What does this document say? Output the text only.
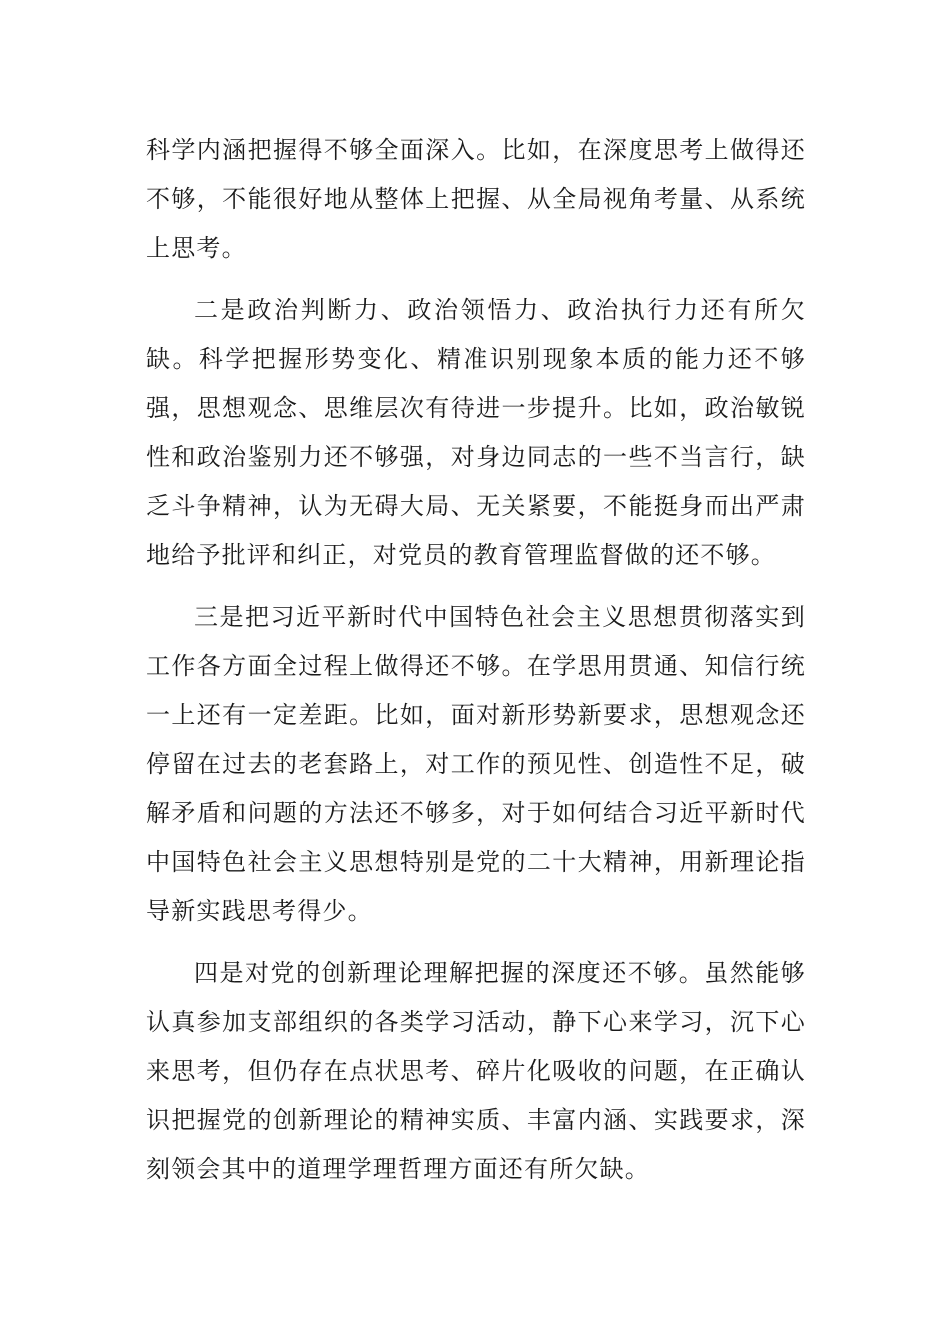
科学内涵把握得不够全面深入。比如，在深度思考上做得还不够，不能很好地从整体上把握、从全局视角考量、从系统上思考。

二是政治判断力、政治领悟力、政治执行力还有所欠缺。科学把握形势变化、精准识别现象本质的能力还不够强，思想观念、思维层次有待进一步提升。比如，政治敏锐性和政治鉴别力还不够强，对身边同志的一些不当言行，缺乏斗争精神，认为无碍大局、无关紧要，不能挺身而出严肃地给予批评和纠正，对党员的教育管理监督做的还不够。

三是把习近平新时代中国特色社会主义思想贯彻落实到工作各方面全过程上做得还不够。在学思用贯通、知信行统一上还有一定差距。比如，面对新形势新要求，思想观念还停留在过去的老套路上，对工作的预见性、创造性不足，破解矛盾和问题的方法还不够多，对于如何结合习近平新时代中国特色社会主义思想特别是党的二十大精神，用新理论指导新实践思考得少。

四是对党的创新理论理解把握的深度还不够。虽然能够认真参加支部组织的各类学习活动，静下心来学习，沉下心来思考，但仍存在点状思考、碎片化吸收的问题，在正确认识把握党的创新理论的精神实质、丰富内涵、实践要求，深刻领会其中的道理学理哲理方面还有所欠缺。
